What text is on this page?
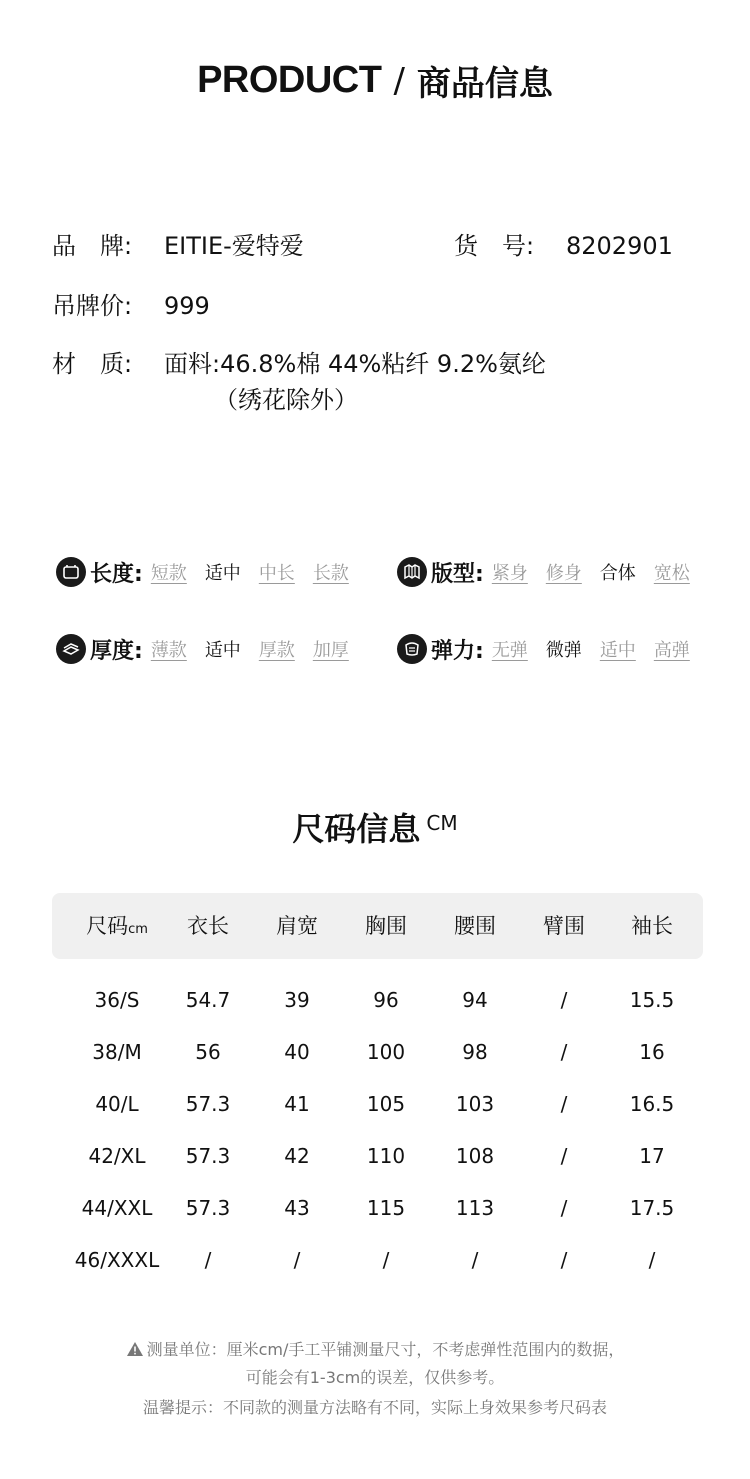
PRODUCT / 商品信息
品　牌: EITIE-爱特爱	货　号: 8202901
吊牌价: 999
材　质: 面料:46.8%棉 44%粘纤 9.2%氨纶
（绣花除外）
长度: 短款 适中 中长 长款	版型: 紧身 修身 合体 宽松
厚度: 薄款 适中 厚款 加厚	弹力: 无弹 微弹 适中 高弹
尺码信息 CM
尺码cm	衣长	肩宽	胸围	腰围	臂围	袖长
36/S	54.7	39	96	94	/	15.5
38/M	56	40	100	98	/	16
40/L	57.3	41	105	103	/	16.5
42/XL	57.3	42	110	108	/	17
44/XXL	57.3	43	115	113	/	17.5
46/XXXL	/	/	/	/	/	/
测量单位：厘米cm/手工平铺测量尺寸，不考虑弹性范围内的数据，
可能会有1-3cm的误差，仅供参考。
温馨提示：不同款的测量方法略有不同，实际上身效果参考尺码表
